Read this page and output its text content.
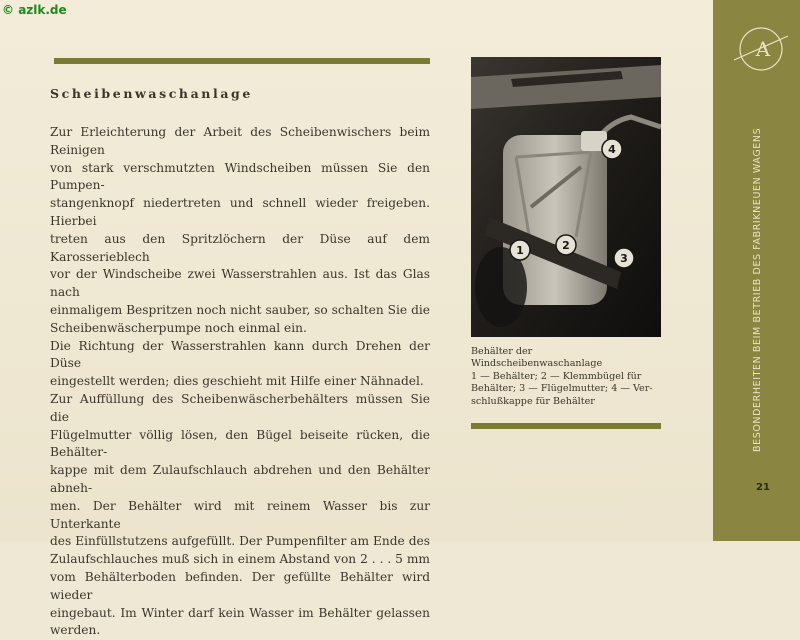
© azlk.de
Scheibenwaschanlage

Zur Erleichterung der Arbeit des Scheibenwischers beim Reinigen

von stark verschmutzten Windscheiben müssen Sie den Pumpen-

stangenknopf niedertreten und schnell wieder freigeben. Hierbei

treten aus den Spritzlöchern der Düse auf dem Karosserieblech

vor der Windscheibe zwei Wasserstrahlen aus. Ist das Glas nach

einmaligem Bespritzen noch nicht sauber, so schalten Sie die

Scheibenwäscherpumpe noch einmal ein.

Die Richtung der Wasserstrahlen kann durch Drehen der Düse

eingestellt werden; dies geschieht mit Hilfe einer Nähnadel.

Zur Auffüllung des Scheibenwäscherbehälters müssen Sie die

Flügelmutter völlig lösen, den Bügel beiseite rücken, die Behälter-

kappe mit dem Zulaufschlauch abdrehen und den Behälter abneh-

men. Der Behälter wird mit reinem Wasser bis zur Unterkante

des Einfüllstutzens aufgefüllt. Der Pumpenfilter am Ende des

Zulaufschlauches muß sich in einem Abstand von 2 . . . 5 mm

vom Behälterboden befinden. Der gefüllte Behälter wird wieder

eingebaut. Im Winter darf kein Wasser im Behälter gelassen

werden.

1	2
3
4
Behälter der Windscheibenwaschanlage
1 — Behälter; 2 — Klemmbügel für
Behälter; 3 — Flügelmutter; 4 — Ver-
schlußkappe für Behälter
A
BESONDERHEITEN BEIM BETRIEB DES FABRIKNEUEN WAGENS
21
